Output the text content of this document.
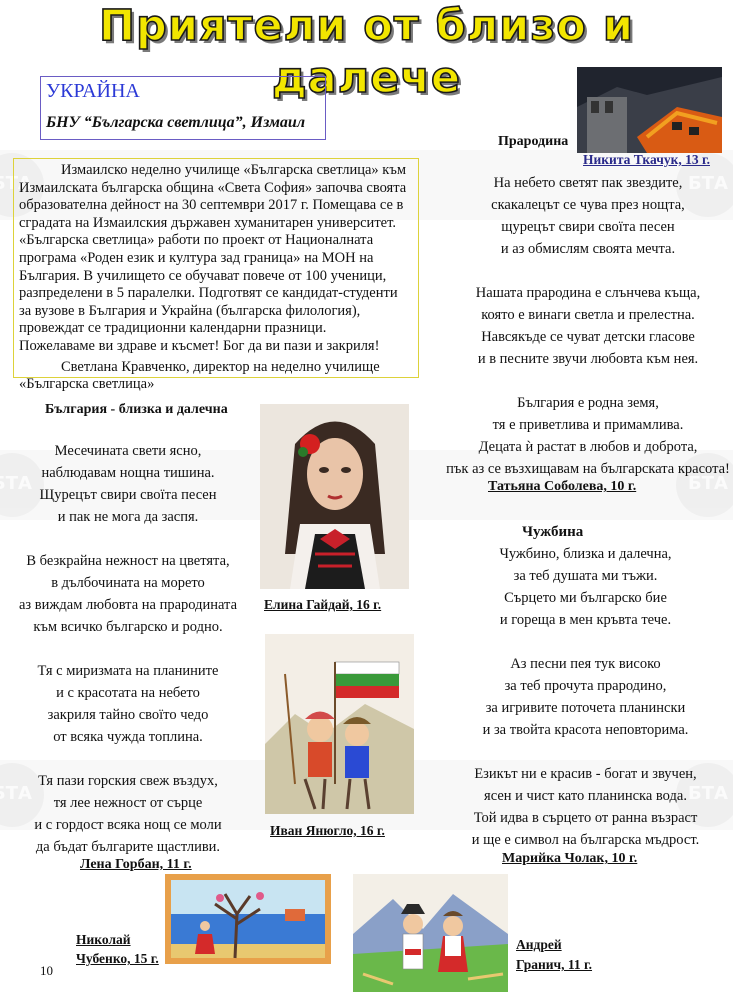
БТА
БТА
БТА
БТА
БТА
БТА
Приятели от близо и далече
УКРАЙНА
БНУ “Българска светлица”, Измаил

Измаилско неделно училище «Българска светлица» към

Измаилската българска община «Света София» започва своята

образователна дейност на 30 септември 2017 г. Помещава се в

сградата на Измаилския държавен хуманитарен университет.

«Българска светлица» работи по проект от Националната

програма «Роден език и култура зад граница» на МОН на

България. В училището се обучават повече от 100 ученици,

разпределени в 5 паралелки. Подготвят се кандидат-студенти

за вузове в България и Украйна (българска филология),

провеждат се традиционни календарни празници.

Пожелаваме ви здраве и късмет! Бог да ви пази и закриля!

Светлана Кравченко, директор на неделно училище

«Българска светлица»

България - близка и далечна
Месечината свети ясно,
наблюдавам нощна тишина.
Щурецът свири своїта песен
и пак не мога да заспя.
В безкрайна нежност на цветята,
в дълбочината на морето
аз виждам любовта на прародината
към всичко българско и родно.
Тя с миризмата на планините
и с красотата на небето
закриля тайно своїто чедо
от всяка чужда топлина.
Тя пази горския свеж въздух,
тя лее нежност от сърце
и с гордост всяка нощ се моли
да бъдат българите щастливи.
Лена Горбан, 11 г.
Прародина
На небето светят пак звездите,
скакалецът се чува през нощта,
щурецът свири своїта песен
и аз обмислям своята мечта.
Нашата прародина е слънчева къща,
която е винаги светла и прелестна.
Навсякъде се чуват детски гласове
и в песните звучи любовта към нея.
България е родна земя,
тя е приветлива и примамлива.
Децата ѝ растат в любов и доброта,
пък аз се възхищавам на българската красота!
Татьяна Соболева, 10 г.
Чужбина
Чужбино, близка и далечна,
за теб душата ми тъжи.
Сърцето ми българско бие
и гореща в мен кръвта тече.
Аз песни пея тук високо
за теб прочута прародино,
за игривите поточета планински
и за твойта красота неповторима.
Езикът ни е красив - богат и звучен,
ясен и чист като планинска вода.
Той идва в сърцето от ранна възраст
и ще е символ на българска мъдрост.
Марийка Чолак, 10 г.
Никита Ткачук, 13 г.
Елина Гайдай, 16 г.
Иван Янюгло, 16 г.
Николай
Чубенко, 15 г.
Андрей
Гранич, 11 г.
10
